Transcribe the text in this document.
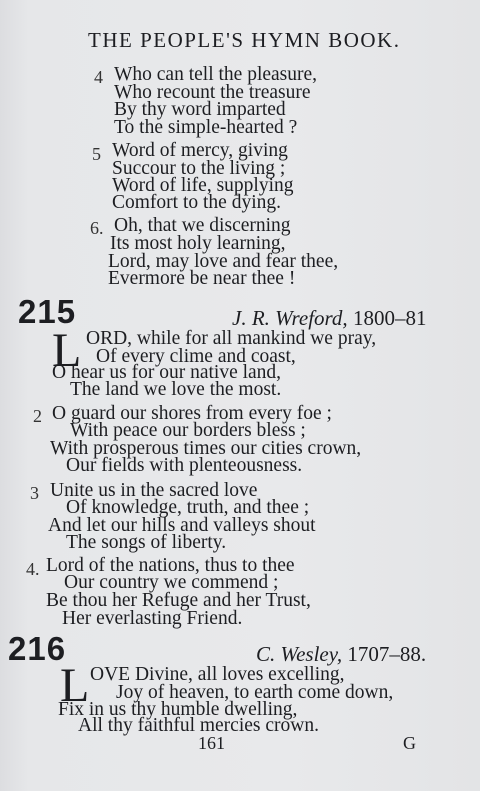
THE PEOPLE'S HYMN BOOK.
4 Who can tell the pleasure,
Who recount the treasure
By thy word imparted
To the simple-hearted ?
5 Word of mercy, giving
Succour to the living ;
Word of life, supplying
Comfort to the dying.
6. Oh, that we discerning
Its most holy learning,
Lord, may love and fear thee,
Evermore be near thee !
215	J. R. Wreford, 1800–81
L ORD, while for all mankind we pray,
Of every clime and coast,
O hear us for our native land,
The land we love the most.
2 O guard our shores from every foe ;
With peace our borders bless ;
With prosperous times our cities crown,
Our fields with plenteousness.
3 Unite us in the sacred love
Of knowledge, truth, and thee ;
And let our hills and valleys shout
The songs of liberty.
4. Lord of the nations, thus to thee
Our country we commend ;
Be thou her Refuge and her Trust,
Her everlasting Friend.
216	C. Wesley, 1707–88.
L OVE Divine, all loves excelling,
Joy of heaven, to earth come down,
Fix in us thy humble dwelling,
All thy faithful mercies crown.
161	G
